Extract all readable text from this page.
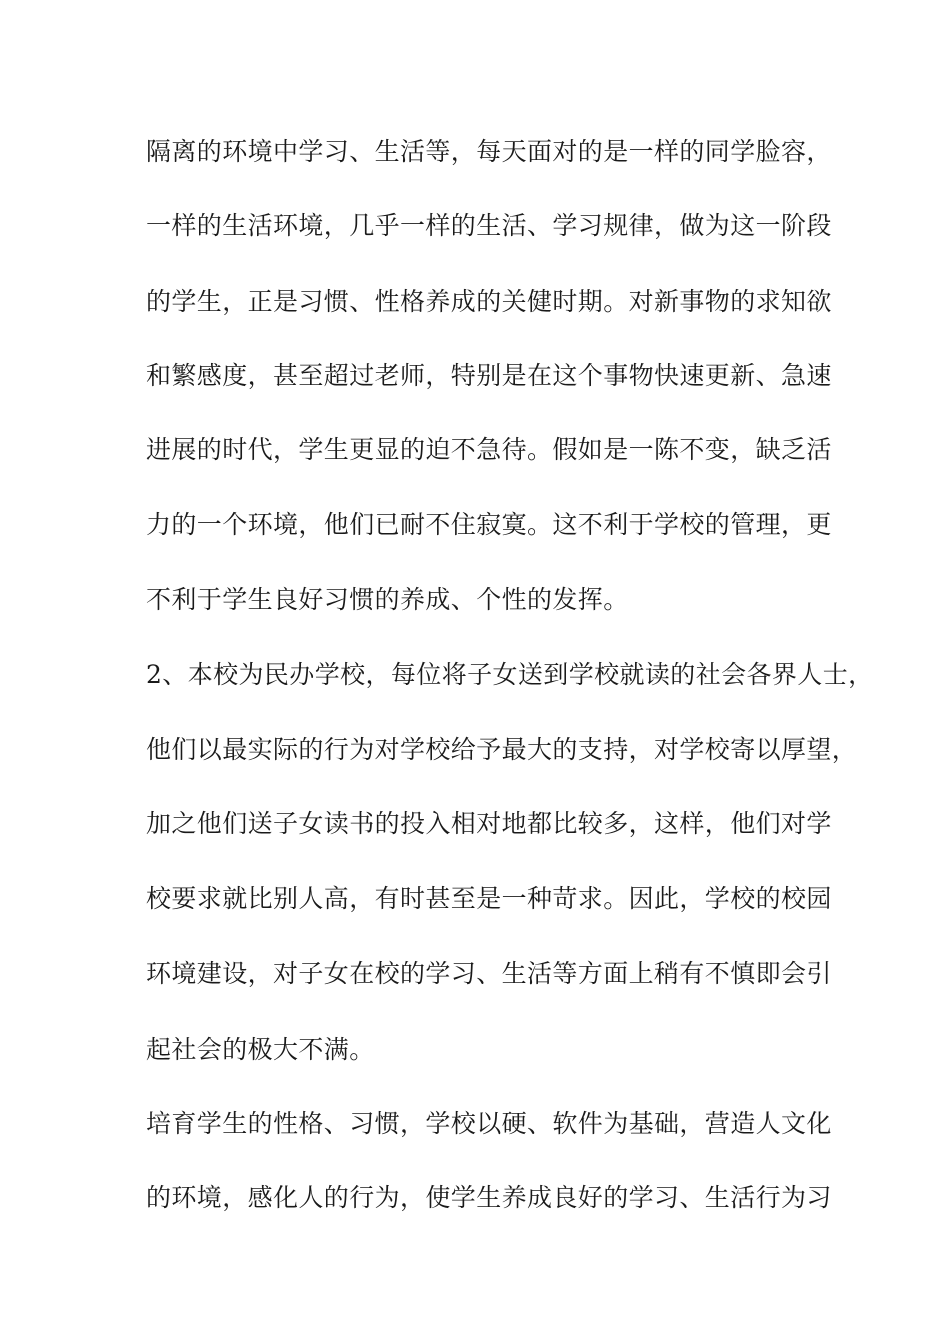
隔离的环境中学习、生活等，每天面对的是一样的同学脸容，
一样的生活环境，几乎一样的生活、学习规律，做为这一阶段
的学生，正是习惯、性格养成的关健时期。对新事物的求知欲
和繁感度，甚至超过老师，特别是在这个事物快速更新、急速
进展的时代，学生更显的迫不急待。假如是一陈不变，缺乏活
力的一个环境，他们已耐不住寂寞。这不利于学校的管理，更
不利于学生良好习惯的养成、个性的发挥。
2、本校为民办学校，每位将子女送到学校就读的社会各界人士，
他们以最实际的行为对学校给予最大的支持，对学校寄以厚望，
加之他们送子女读书的投入相对地都比较多，这样，他们对学
校要求就比别人高，有时甚至是一种苛求。因此，学校的校园
环境建设，对子女在校的学习、生活等方面上稍有不慎即会引
起社会的极大不满。
培育学生的性格、习惯，学校以硬、软件为基础，营造人文化
的环境，感化人的行为，使学生养成良好的学习、生活行为习
